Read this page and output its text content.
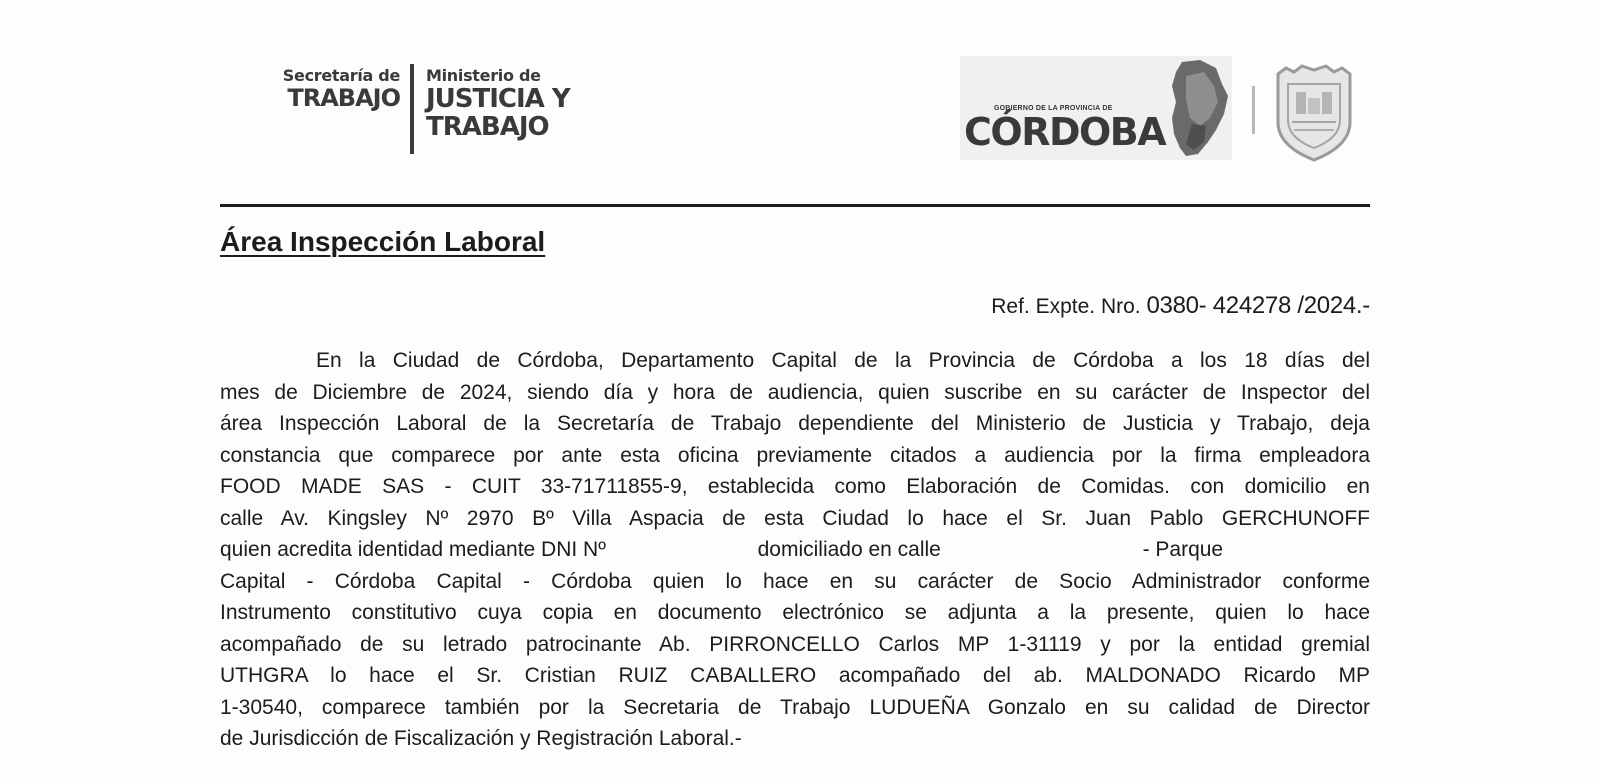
Secretaría de
TRABAJO
Ministerio de
JUSTICIA Y
TRABAJO
GOBIERNO DE LA PROVINCIA DE
CÓRDOBA
Área Inspección Laboral
Ref. Expte. Nro. 0380- 424278 /2024.-
En la Ciudad de Córdoba, Departamento Capital de la Provincia de Córdoba a los 18 días del
mes de Diciembre de 2024, siendo día y hora de audiencia, quien suscribe en su carácter de Inspector del
área Inspección Laboral de la Secretaría de Trabajo dependiente del Ministerio de Justicia y Trabajo, deja
constancia que comparece por ante esta oficina previamente citados a audiencia por la firma empleadora
FOOD MADE SAS - CUIT 33-71711855-9, establecida como Elaboración de Comidas. con domicilio en
calle Av. Kingsley Nº 2970 Bº Villa Aspacia de esta Ciudad lo hace el Sr. Juan Pablo GERCHUNOFF
quien acredita identidad mediante DNI Nº	domiciliado en calle	- Parque
Capital - Córdoba Capital - Córdoba quien lo hace en su carácter de Socio Administrador conforme
Instrumento constitutivo cuya copia en documento electrónico se adjunta a la presente, quien lo hace
acompañado de su letrado patrocinante Ab. PIRRONCELLO Carlos MP 1-31119 y por la entidad gremial
UTHGRA lo hace el Sr. Cristian RUIZ CABALLERO acompañado del ab. MALDONADO Ricardo MP
1-30540, comparece también por la Secretaria de Trabajo LUDUEÑA Gonzalo en su calidad de Director
de Jurisdicción de Fiscalización y Registración Laboral.-
